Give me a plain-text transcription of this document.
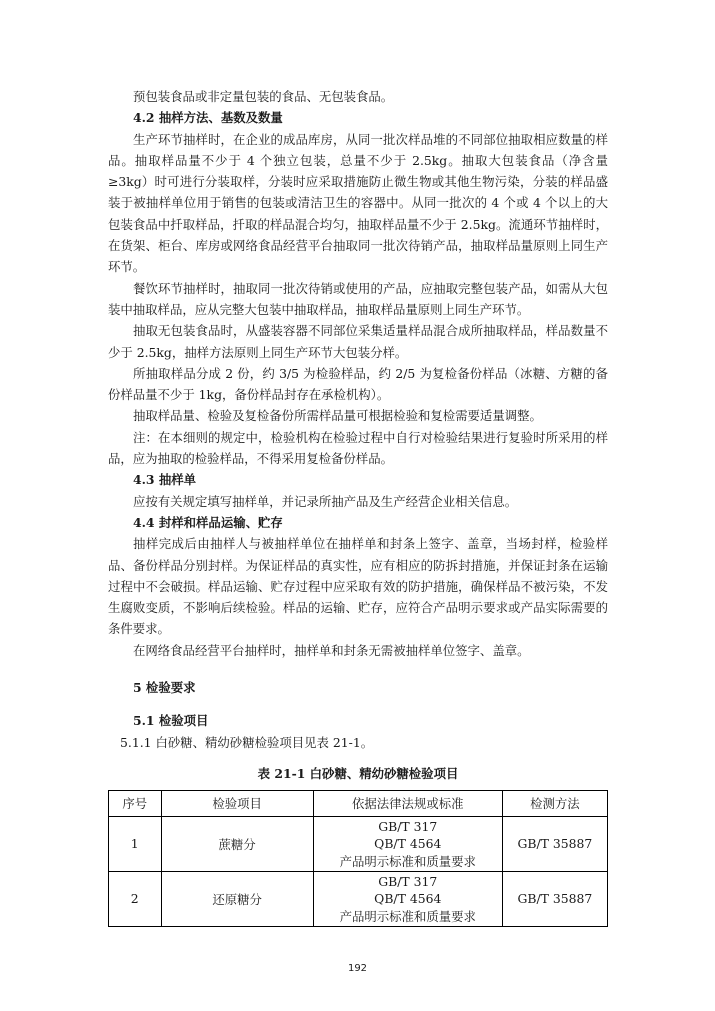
预包装食品或非定量包装的食品、无包装食品。

4.2 抽样方法、基数及数量

生产环节抽样时，在企业的成品库房，从同一批次样品堆的不同部位抽取相应数量的样品。抽取样品量不少于 4 个独立包装，总量不少于 2.5kg。抽取大包装食品（净含量≥3kg）时可进行分装取样，分装时应采取措施防止微生物或其他生物污染，分装的样品盛装于被抽样单位用于销售的包装或清洁卫生的容器中。从同一批次的 4 个或 4 个以上的大包装食品中扦取样品，扦取的样品混合均匀，抽取样品量不少于 2.5kg。流通环节抽样时，在货架、柜台、库房或网络食品经营平台抽取同一批次待销产品，抽取样品量原则上同生产环节。

餐饮环节抽样时，抽取同一批次待销或使用的产品，应抽取完整包装产品，如需从大包装中抽取样品，应从完整大包装中抽取样品，抽取样品量原则上同生产环节。

抽取无包装食品时，从盛装容器不同部位采集适量样品混合成所抽取样品，样品数量不少于 2.5kg，抽样方法原则上同生产环节大包装分样。

所抽取样品分成 2 份，约 3/5 为检验样品，约 2/5 为复检备份样品（冰糖、方糖的备份样品量不少于 1kg，备份样品封存在承检机构）。

抽取样品量、检验及复检备份所需样品量可根据检验和复检需要适量调整。

注：在本细则的规定中，检验机构在检验过程中自行对检验结果进行复验时所采用的样品，应为抽取的检验样品，不得采用复检备份样品。

4.3 抽样单

应按有关规定填写抽样单，并记录所抽产品及生产经营企业相关信息。

4.4 封样和样品运输、贮存

抽样完成后由抽样人与被抽样单位在抽样单和封条上签字、盖章，当场封样，检验样品、备份样品分别封样。为保证样品的真实性，应有相应的防拆封措施，并保证封条在运输过程中不会破损。样品运输、贮存过程中应采取有效的防护措施，确保样品不被污染，不发生腐败变质，不影响后续检验。样品的运输、贮存，应符合产品明示要求或产品实际需要的条件要求。

在网络食品经营平台抽样时，抽样单和封条无需被抽样单位签字、盖章。

5 检验要求
5.1 检验项目

5.1.1 白砂糖、精幼砂糖检验项目见表 21-1。

表 21-1 白砂糖、精幼砂糖检验项目
序号	检验项目	依据法律法规或标准	检测方法
1	蔗糖分	GB/T 317
QB/T 4564
产品明示标准和质量要求	GB/T 35887
2	还原糖分	GB/T 317
QB/T 4564
产品明示标准和质量要求	GB/T 35887
192
